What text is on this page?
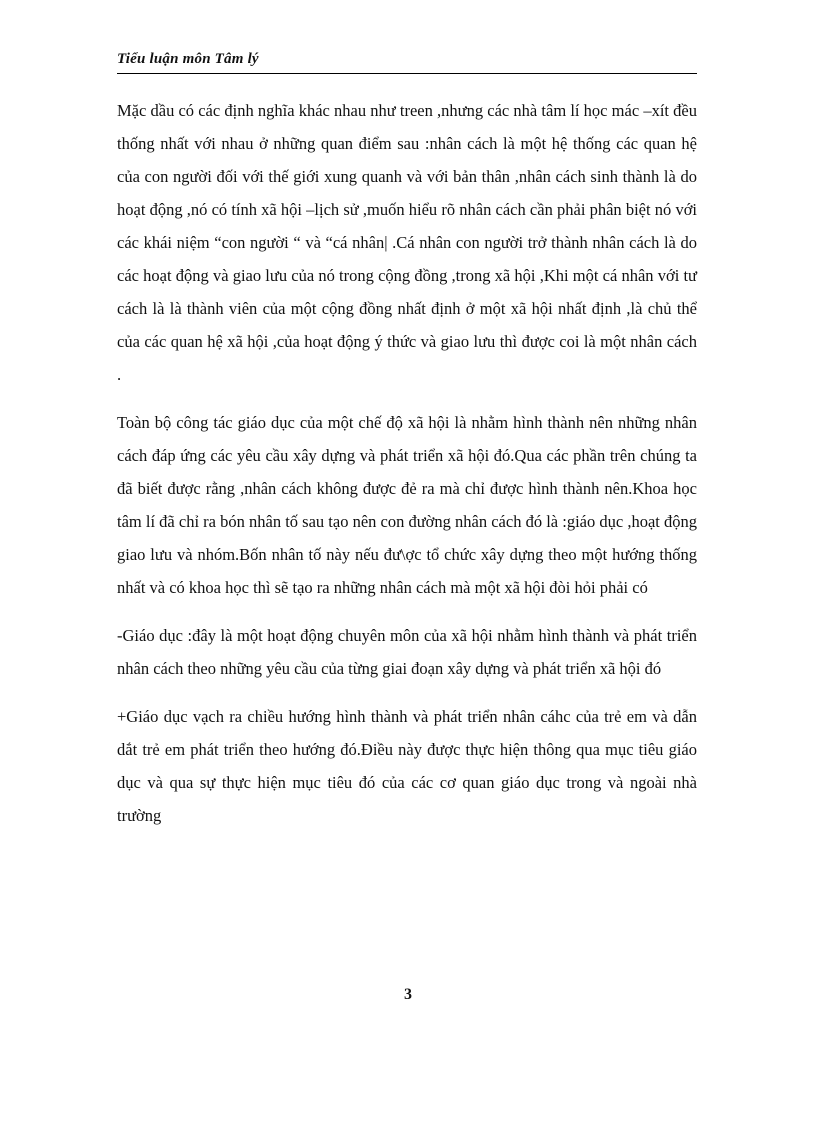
Tiểu luận môn Tâm lý

Mặc dầu có các định nghĩa khác nhau như treen ,nhưng các nhà tâm lí học mác –xít đều thống nhất với nhau ở những quan điểm sau :nhân cách là một hệ thống các quan hệ của con người đối với thế giới xung quanh và với bản thân ,nhân cách sinh thành là do hoạt động ,nó có tính xã hội –lịch sử ,muốn hiểu rõ nhân cách cần phải phân biệt nó với các khái niệm “con người “ và “cá nhân| .Cá nhân con người trở thành nhân cách là do các hoạt động và giao lưu của nó trong cộng đồng ,trong xã hội ,Khi một cá nhân với tư cách là là thành viên của một cộng đồng nhất định ở một xã hội nhất định ,là chủ thể của các quan hệ xã hội ,của hoạt động ý thức và giao lưu thì được coi là một nhân cách .

Toàn bộ công tác giáo dục của một chế độ xã hội là nhằm hình thành nên những nhân cách đáp ứng các yêu cầu xây dựng và phát triển xã hội đó.Qua các phần trên chúng ta đã biết được rằng ,nhân cách không được đẻ ra mà chỉ được hình thành nên.Khoa học tâm lí đã chỉ ra bón nhân tố sau tạo nên con đường nhân cách đó là :giáo dục ,hoạt động giao lưu và nhóm.Bốn nhân tố này nếu đư\ợc tổ chức xây dựng theo một hướng thống nhất và có khoa học thì sẽ tạo ra những nhân cách mà một xã hội đòi hỏi phải có

-Giáo dục :đây là một hoạt động chuyên môn của xã hội nhằm hình thành và phát triển nhân cách theo những yêu cầu của từng giai đoạn xây dựng và phát triển xã hội đó

+Giáo dục vạch ra chiều hướng hình thành và phát triển nhân cáhc của trẻ em và dẫn dắt trẻ em phát triển theo hướng đó.Điều này được thực hiện thông qua mục tiêu giáo dục và qua sự thực hiện mục tiêu đó của các cơ quan giáo dục trong và ngoài nhà trường

3
